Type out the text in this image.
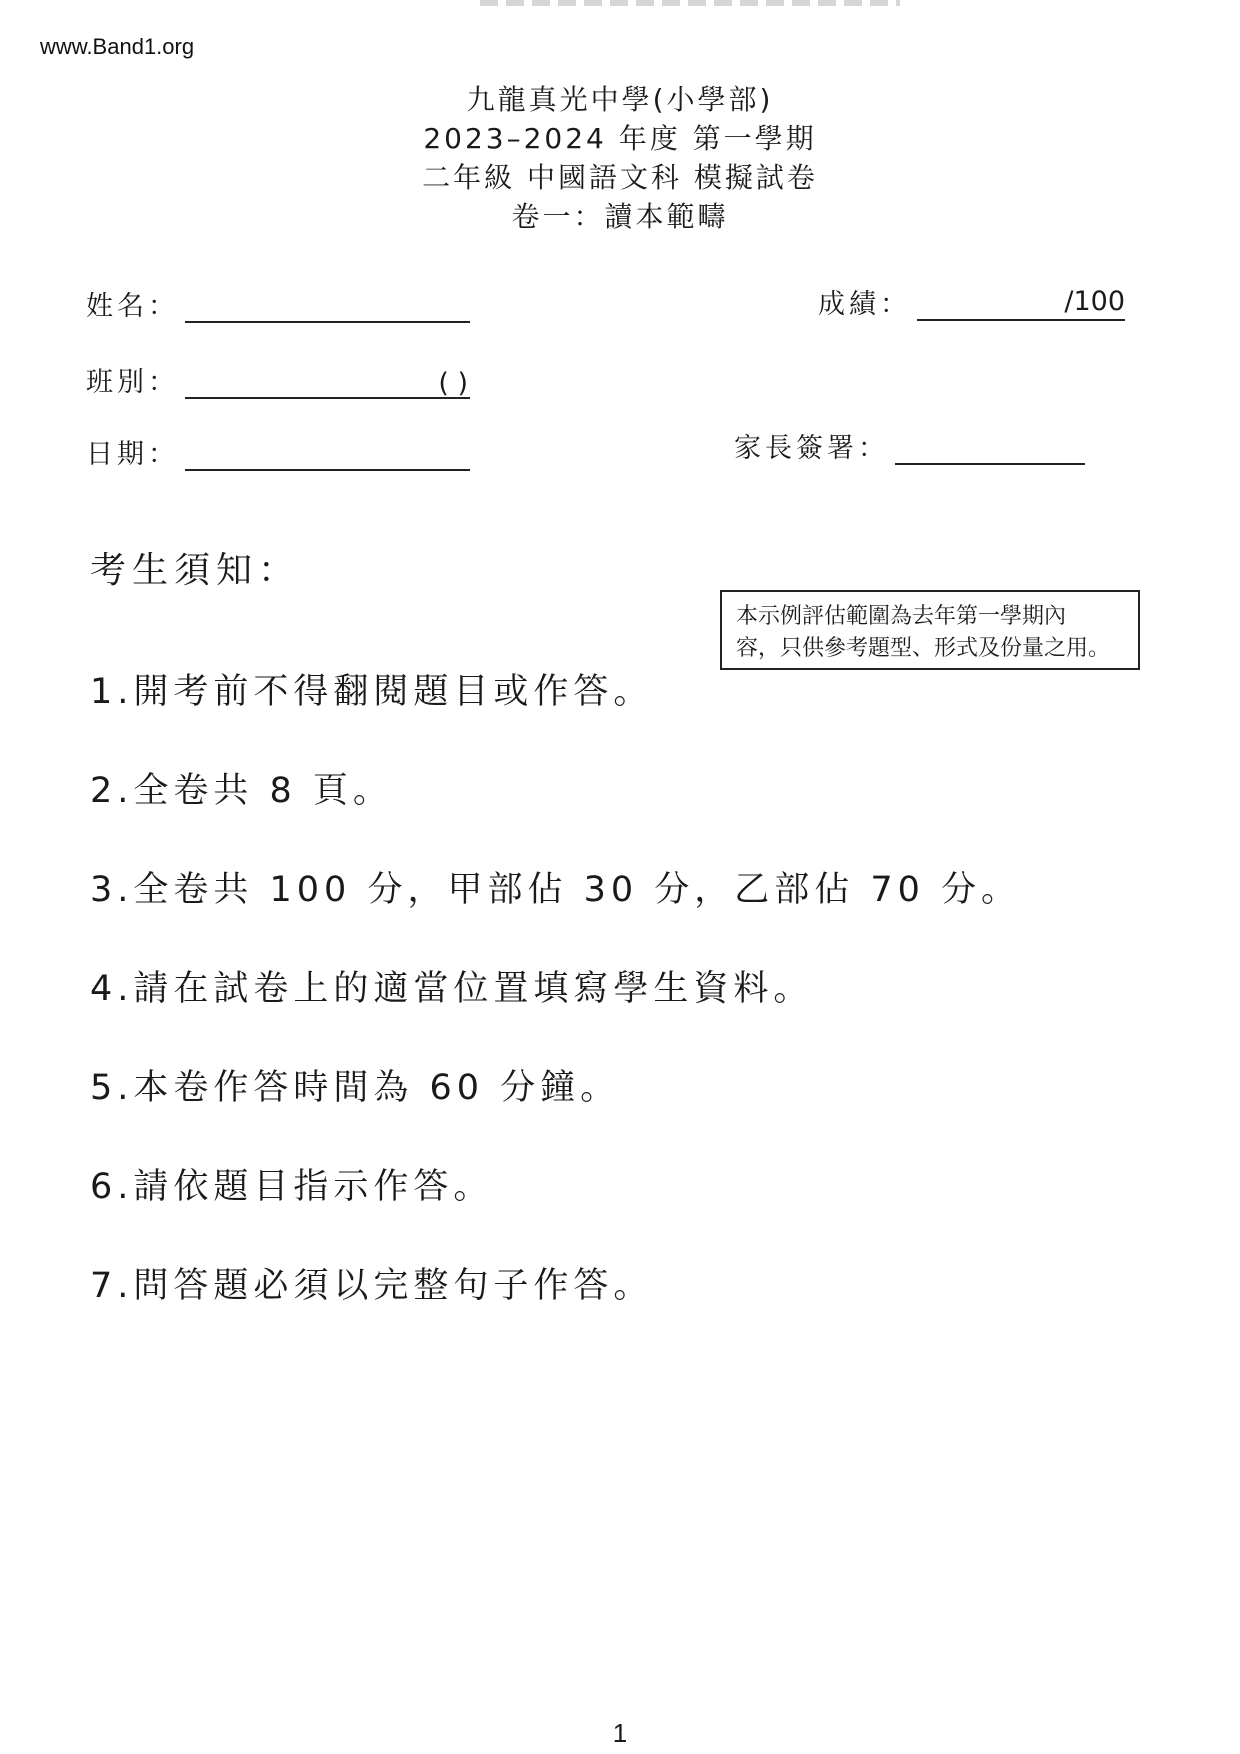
www.Band1.org
九龍真光中學(小學部)
2023–2024 年度 第一學期
二年級 中國語文科 模擬試卷
卷一：讀本範疇
姓名：	成績：	/100
班別：	( )
日期：	家長簽署：
考生須知：
本示例評估範圍為去年第一學期內
容，只供參考題型、形式及份量之用。
1.開考前不得翻閱題目或作答。
2.全卷共 8 頁。
3.全卷共 100 分，甲部佔 30 分，乙部佔 70 分。
4.請在試卷上的適當位置填寫學生資料。
5.本卷作答時間為 60 分鐘。
6.請依題目指示作答。
7.問答題必須以完整句子作答。
1
